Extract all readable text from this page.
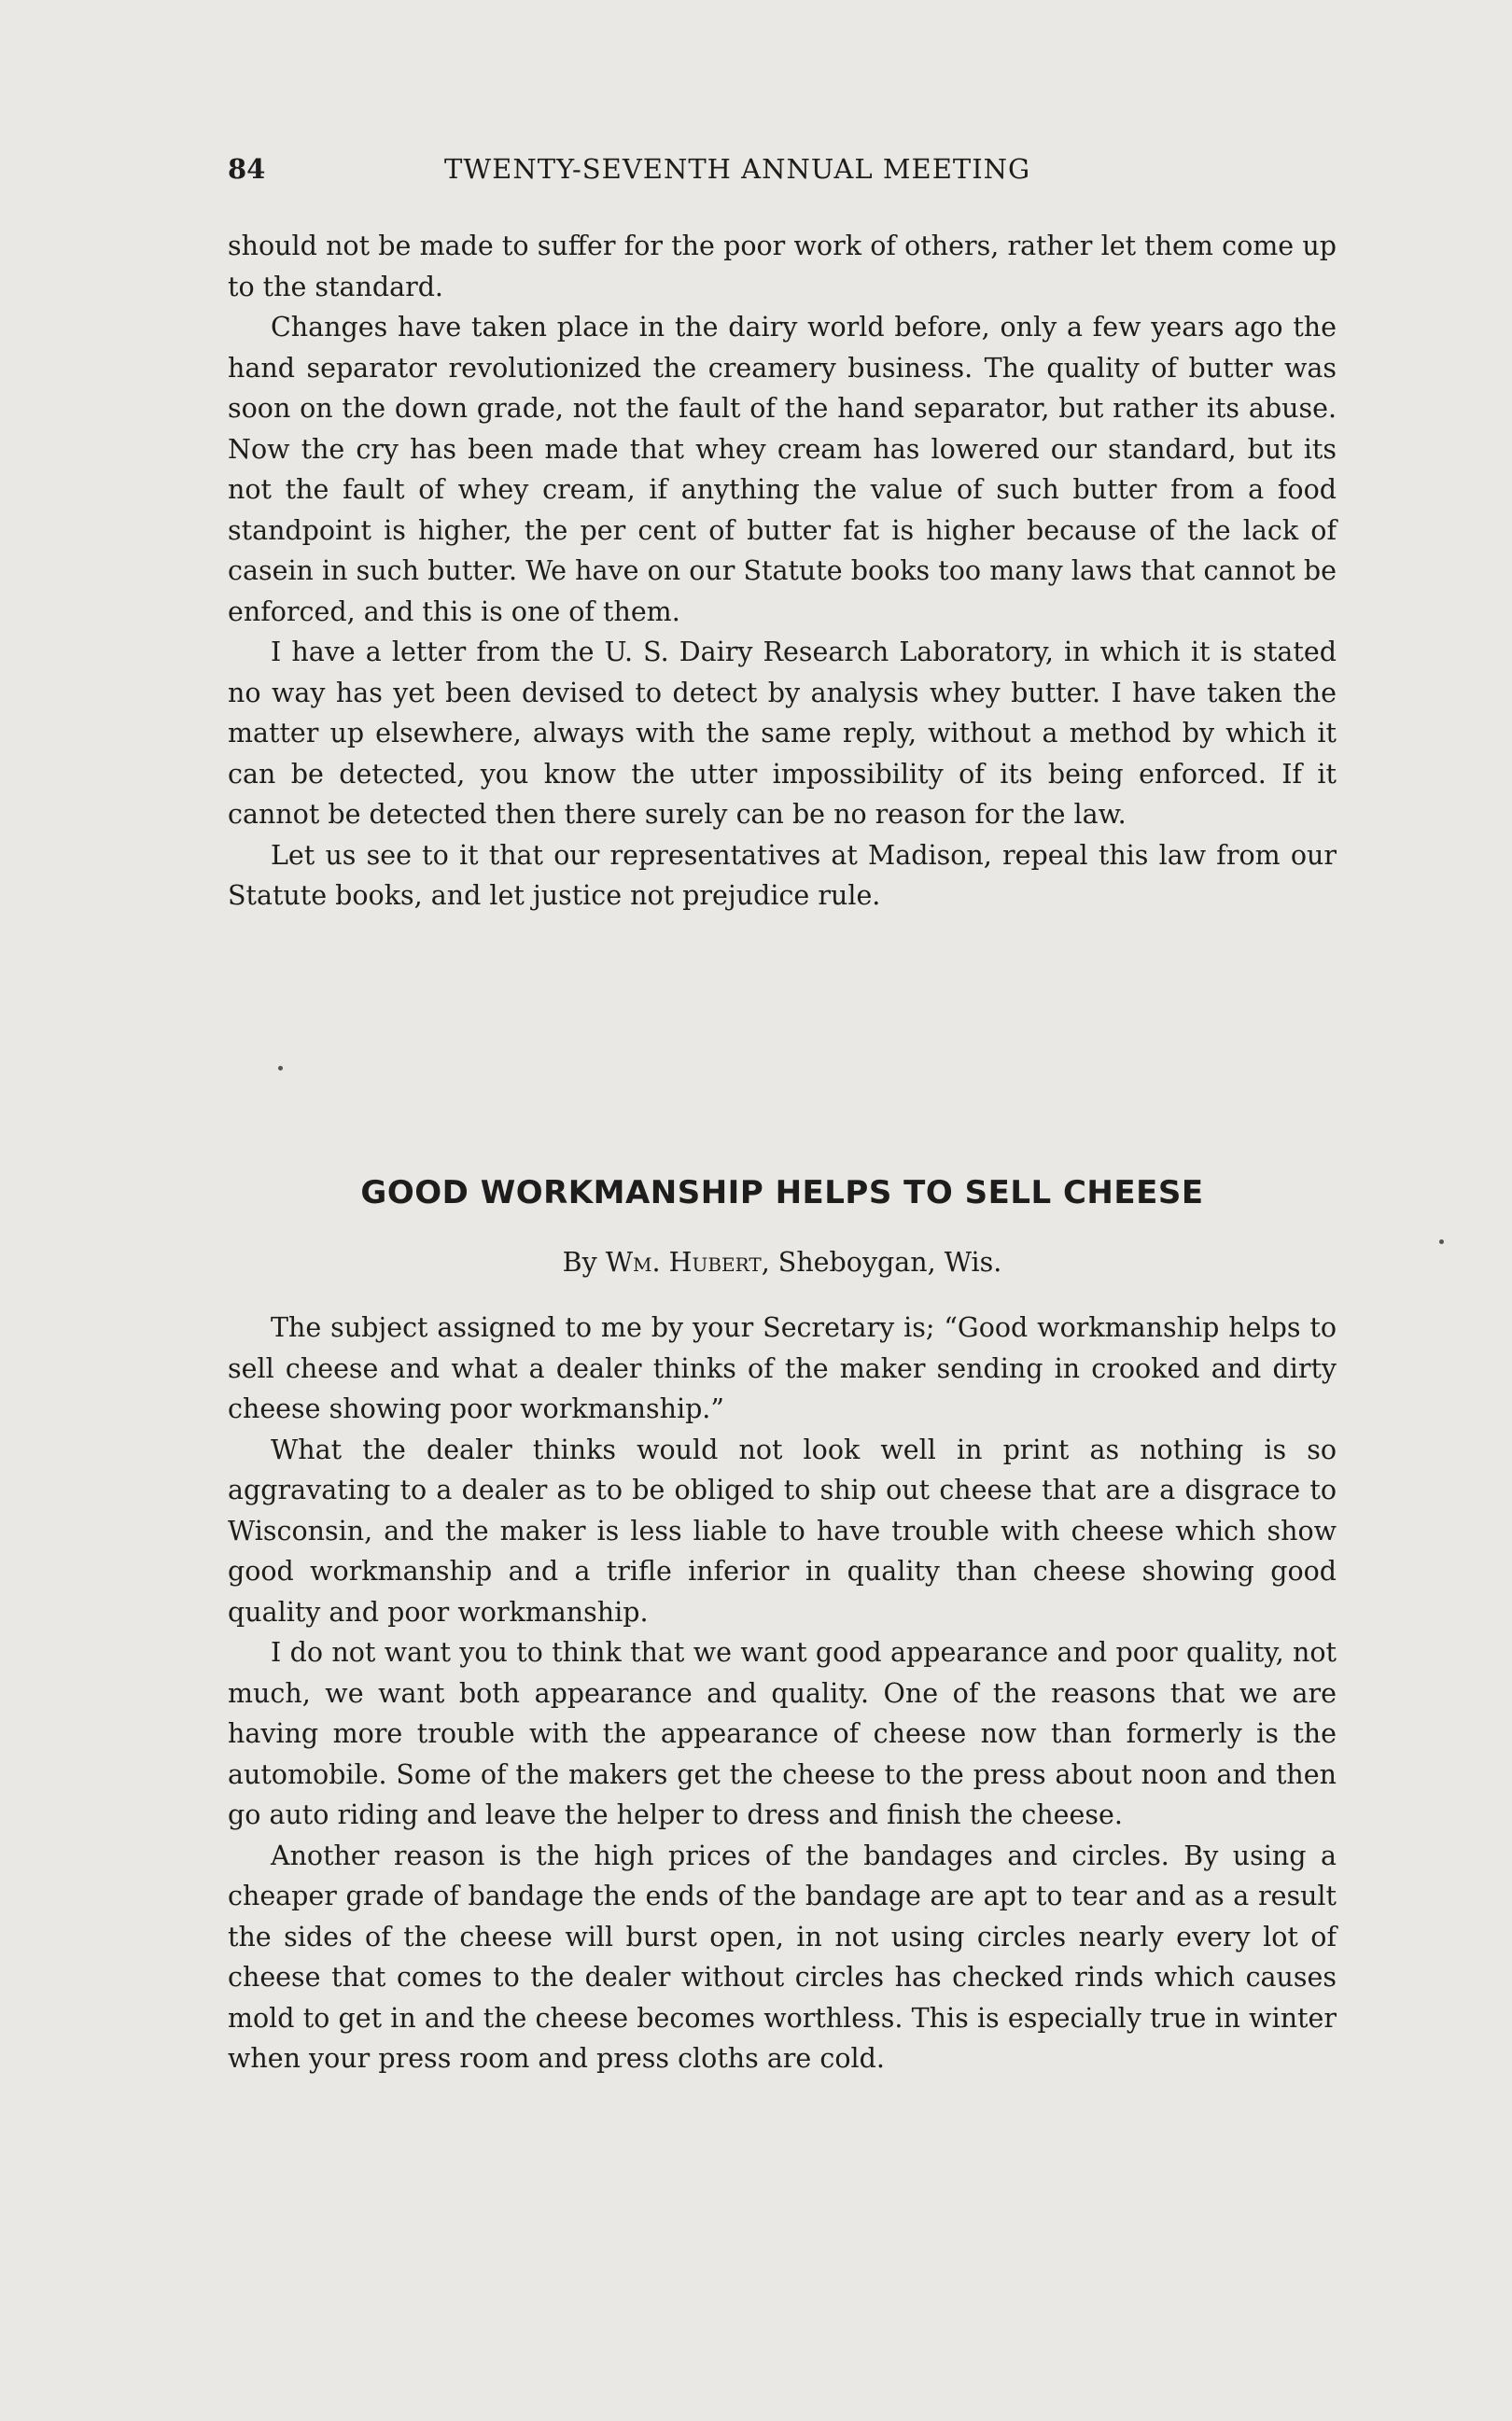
84	TWENTY-SEVENTH ANNUAL MEETING

should not be made to suffer for the poor work of others, rather let them come up to the standard.

Changes have taken place in the dairy world before, only a few years ago the hand separator revolutionized the creamery business. The quality of butter was soon on the down grade, not the fault of the hand separator, but rather its abuse. Now the cry has been made that whey cream has lowered our standard, but its not the fault of whey cream, if anything the value of such butter from a food standpoint is higher, the per cent of butter fat is higher because of the lack of casein in such butter. We have on our Statute books too many laws that cannot be enforced, and this is one of them.

I have a letter from the U. S. Dairy Research Laboratory, in which it is stated no way has yet been devised to detect by analysis whey butter. I have taken the matter up elsewhere, always with the same reply, without a method by which it can be detected, you know the utter impossibility of its being enforced. If it cannot be detected then there surely can be no reason for the law.

Let us see to it that our representatives at Madison, repeal this law from our Statute books, and let justice not prejudice rule.

GOOD WORKMANSHIP HELPS TO SELL CHEESE
By Wm. Hubert, Sheboygan, Wis.

The subject assigned to me by your Secretary is; “Good workmanship helps to sell cheese and what a dealer thinks of the maker sending in crooked and dirty cheese showing poor workmanship.”

What the dealer thinks would not look well in print as nothing is so aggravating to a dealer as to be obliged to ship out cheese that are a disgrace to Wisconsin, and the maker is less liable to have trouble with cheese which show good workmanship and a trifle inferior in quality than cheese showing good quality and poor workmanship.

I do not want you to think that we want good appearance and poor quality, not much, we want both appearance and quality. One of the reasons that we are having more trouble with the appearance of cheese now than formerly is the automobile. Some of the makers get the cheese to the press about noon and then go auto riding and leave the helper to dress and finish the cheese.

Another reason is the high prices of the bandages and circles. By using a cheaper grade of bandage the ends of the bandage are apt to tear and as a result the sides of the cheese will burst open, in not using circles nearly every lot of cheese that comes to the dealer without circles has checked rinds which causes mold to get in and the cheese becomes worthless. This is especially true in winter when your press room and press cloths are cold.
